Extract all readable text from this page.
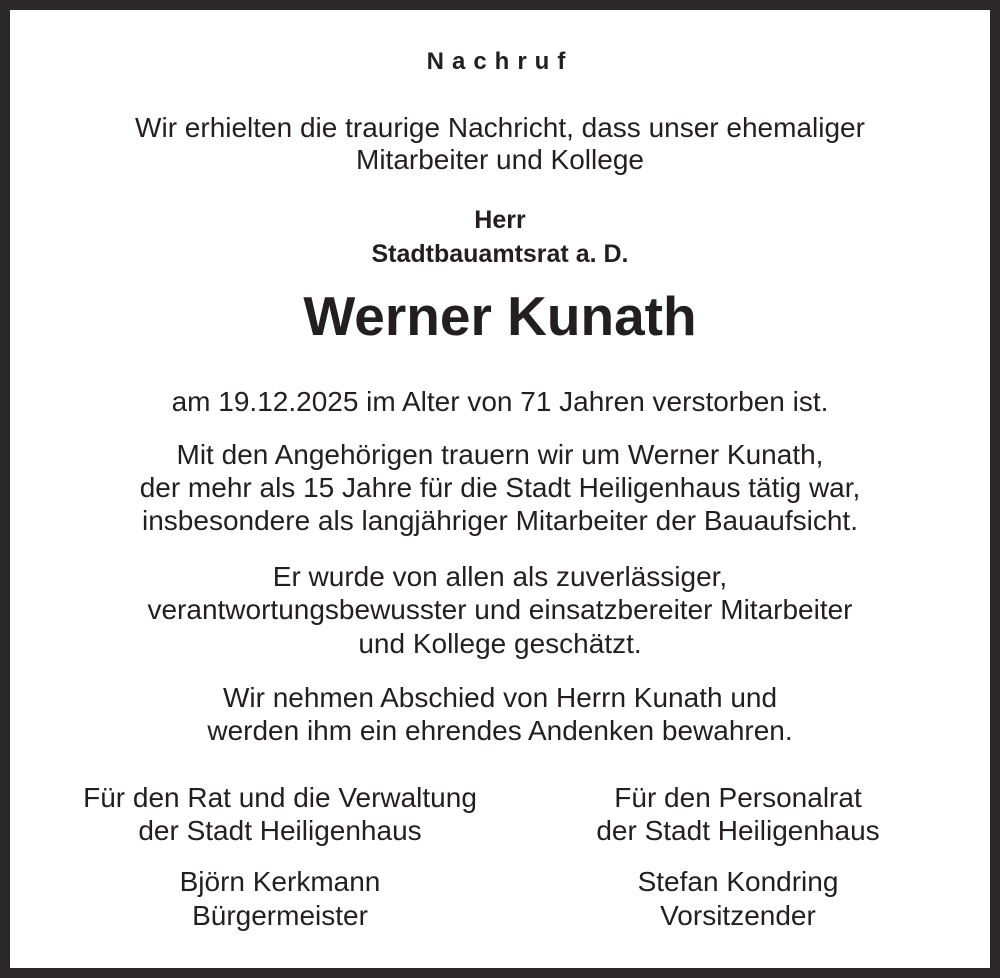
Nachruf
Wir erhielten die traurige Nachricht, dass unser ehemaliger
Mitarbeiter und Kollege
Herr
Stadtbauamtsrat a. D.
Werner Kunath
am 19.12.2025 im Alter von 71 Jahren verstorben ist.
Mit den Angehörigen trauern wir um Werner Kunath,
der mehr als 15 Jahre für die Stadt Heiligenhaus tätig war,
insbesondere als langjähriger Mitarbeiter der Bauaufsicht.
Er wurde von allen als zuverlässiger,
verantwortungsbewusster und einsatzbereiter Mitarbeiter
und Kollege geschätzt.
Wir nehmen Abschied von Herrn Kunath und
werden ihm ein ehrendes Andenken bewahren.
Für den Rat und die Verwaltung
der Stadt Heiligenhaus
Björn Kerkmann
Bürgermeister
Für den Personalrat
der Stadt Heiligenhaus
Stefan Kondring
Vorsitzender
